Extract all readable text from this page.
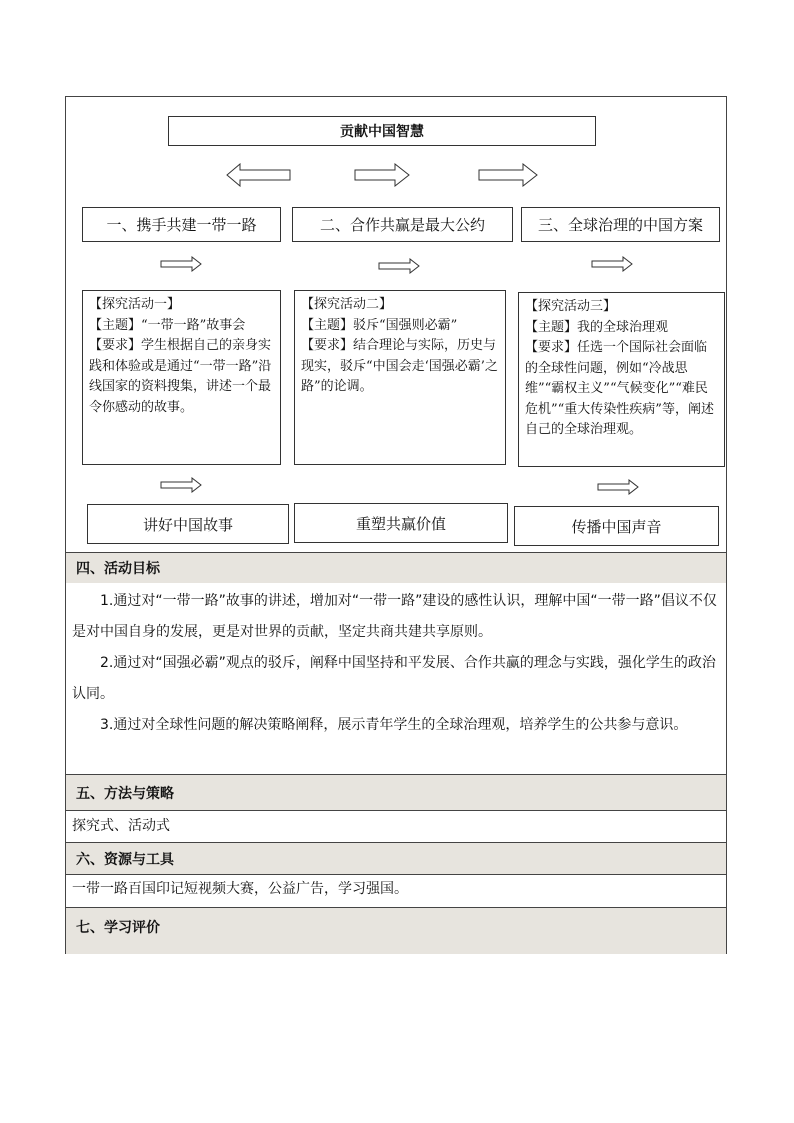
贡献中国智慧
一、携手共建一带一路	二、合作共赢是最大公约	三、全球治理的中国方案
【探究活动一】
【主题】“一带一路”故事会
【要求】学生根据自己的亲身实践和体验或是通过“一带一路”沿线国家的资料搜集，讲述一个最令你感动的故事。
【探究活动二】
【主题】驳斥“国强则必霸”
【要求】结合理论与实际，历史与现实，驳斥“中国会走‘国强必霸’之路”的论调。
【探究活动三】
【主题】我的全球治理观
【要求】任选一个国际社会面临的全球性问题，例如“冷战思维”“霸权主义”“气候变化”“难民危机”“重大传染性疾病”等，阐述自己的全球治理观。
讲好中国故事	重塑共赢价值	传播中国声音
四、活动目标
1.通过对“一带一路”故事的讲述，增加对“一带一路”建设的感性认识，理解中国“一带一路”倡议不仅是对中国自身的发展，更是对世界的贡献，坚定共商共建共享原则。
2.通过对“国强必霸”观点的驳斥，阐释中国坚持和平发展、合作共赢的理念与实践，强化学生的政治认同。
3.通过对全球性问题的解决策略阐释，展示青年学生的全球治理观，培养学生的公共参与意识。
五、方法与策略
探究式、活动式
六、资源与工具
一带一路百国印记短视频大赛，公益广告，学习强国。
七、学习评价
